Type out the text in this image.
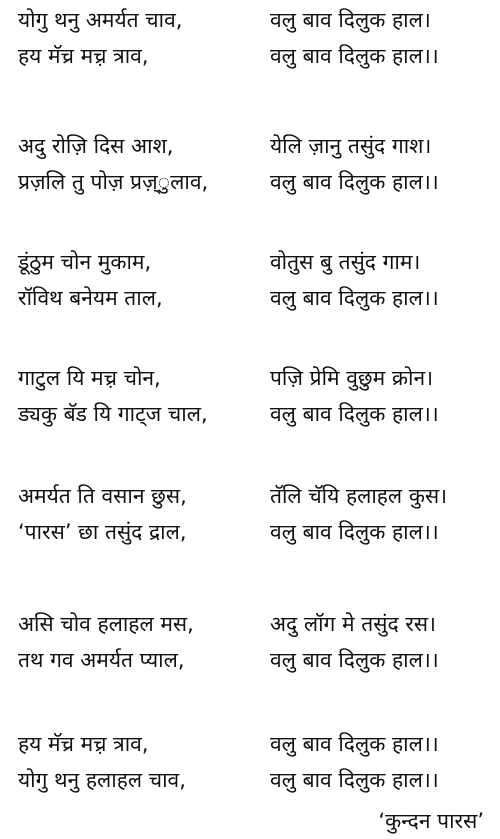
योगु थनु अमर्यत चाव,	वलु बाव दिलुक हाल।
हय मॅच्र मच़्र त्राव,	वलु बाव दिलुक हाल।।
अदु रोज़ि दिस आश,	येलि ज़ानु तसुंद गाश।
प्रज़लि तु पोज़ प्रज़्ुलाव,	वलु बाव दिलुक हाल।।
डूंठुम चोन मुकाम,	वोतुस बु तसुंद गाम।
रॉविथ बनेयम ताल,	वलु बाव दिलुक हाल।।
गाटुल यि मच़्र चोन,	पज़ि प्रेमि वुछुम क्रोन।
ड्यकु बॅड यि गाट्ज चाल,	वलु बाव दिलुक हाल।।
अमर्यत ति वसान छुस,	तॅलि चॅयि हलाहल कुस।
‘पारस’ छा तसुंद द्राल,	वलु बाव दिलुक हाल।।
असि चोव हलाहल मस,	अदु लॉग मे तसुंद रस।
तथ गव अमर्यत प्याल,	वलु बाव दिलुक हाल।।
हय मॅच्र मच़्र त्राव,	वलु बाव दिलुक हाल।।
योगु थनु हलाहल चाव,	वलु बाव दिलुक हाल।।
‘कुन्दन पारस’
